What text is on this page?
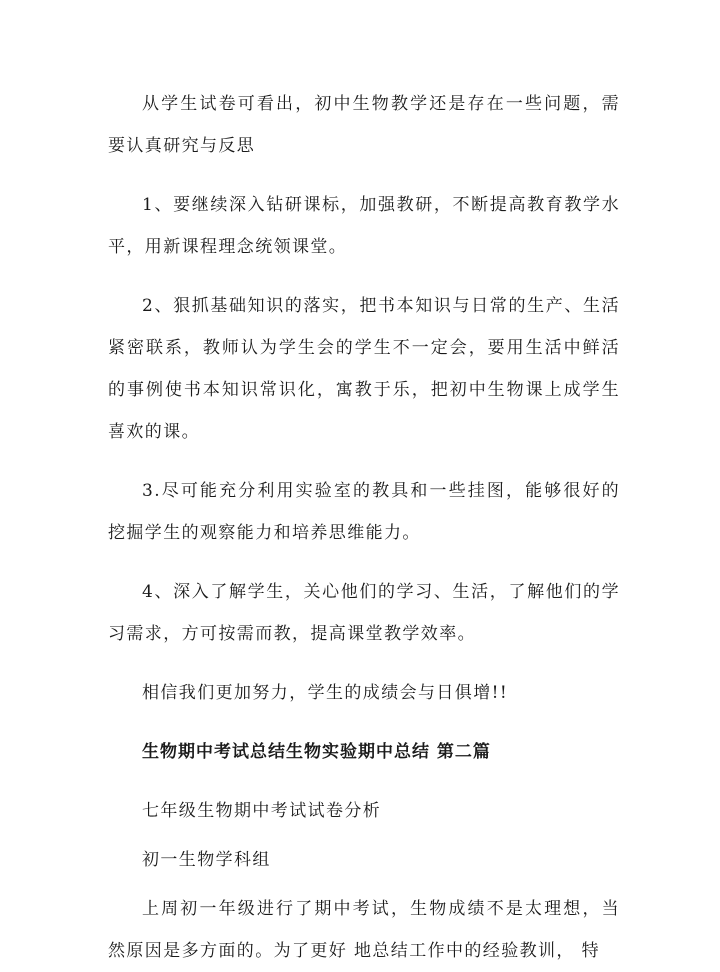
从学生试卷可看出，初中生物教学还是存在一些问题，需要认真研究与反思

1、要继续深入钻研课标，加强教研，不断提高教育教学水平，用新课程理念统领课堂。

2、狠抓基础知识的落实，把书本知识与日常的生产、生活紧密联系，教师认为学生会的学生不一定会，要用生活中鲜活的事例使书本知识常识化，寓教于乐，把初中生物课上成学生喜欢的课。

3.尽可能充分利用实验室的教具和一些挂图，能够很好的挖掘学生的观察能力和培养思维能力。

4、深入了解学生，关心他们的学习、生活，了解他们的学习需求，方可按需而教，提高课堂教学效率。

相信我们更加努力，学生的成绩会与日俱增!!

生物期中考试总结生物实验期中总结 第二篇

七年级生物期中考试试卷分析

初一生物学科组

上周初一年级进行了期中考试，生物成绩不是太理想，当然原因是多方面的。为了更好 地总结工作中的经验教训， 特
